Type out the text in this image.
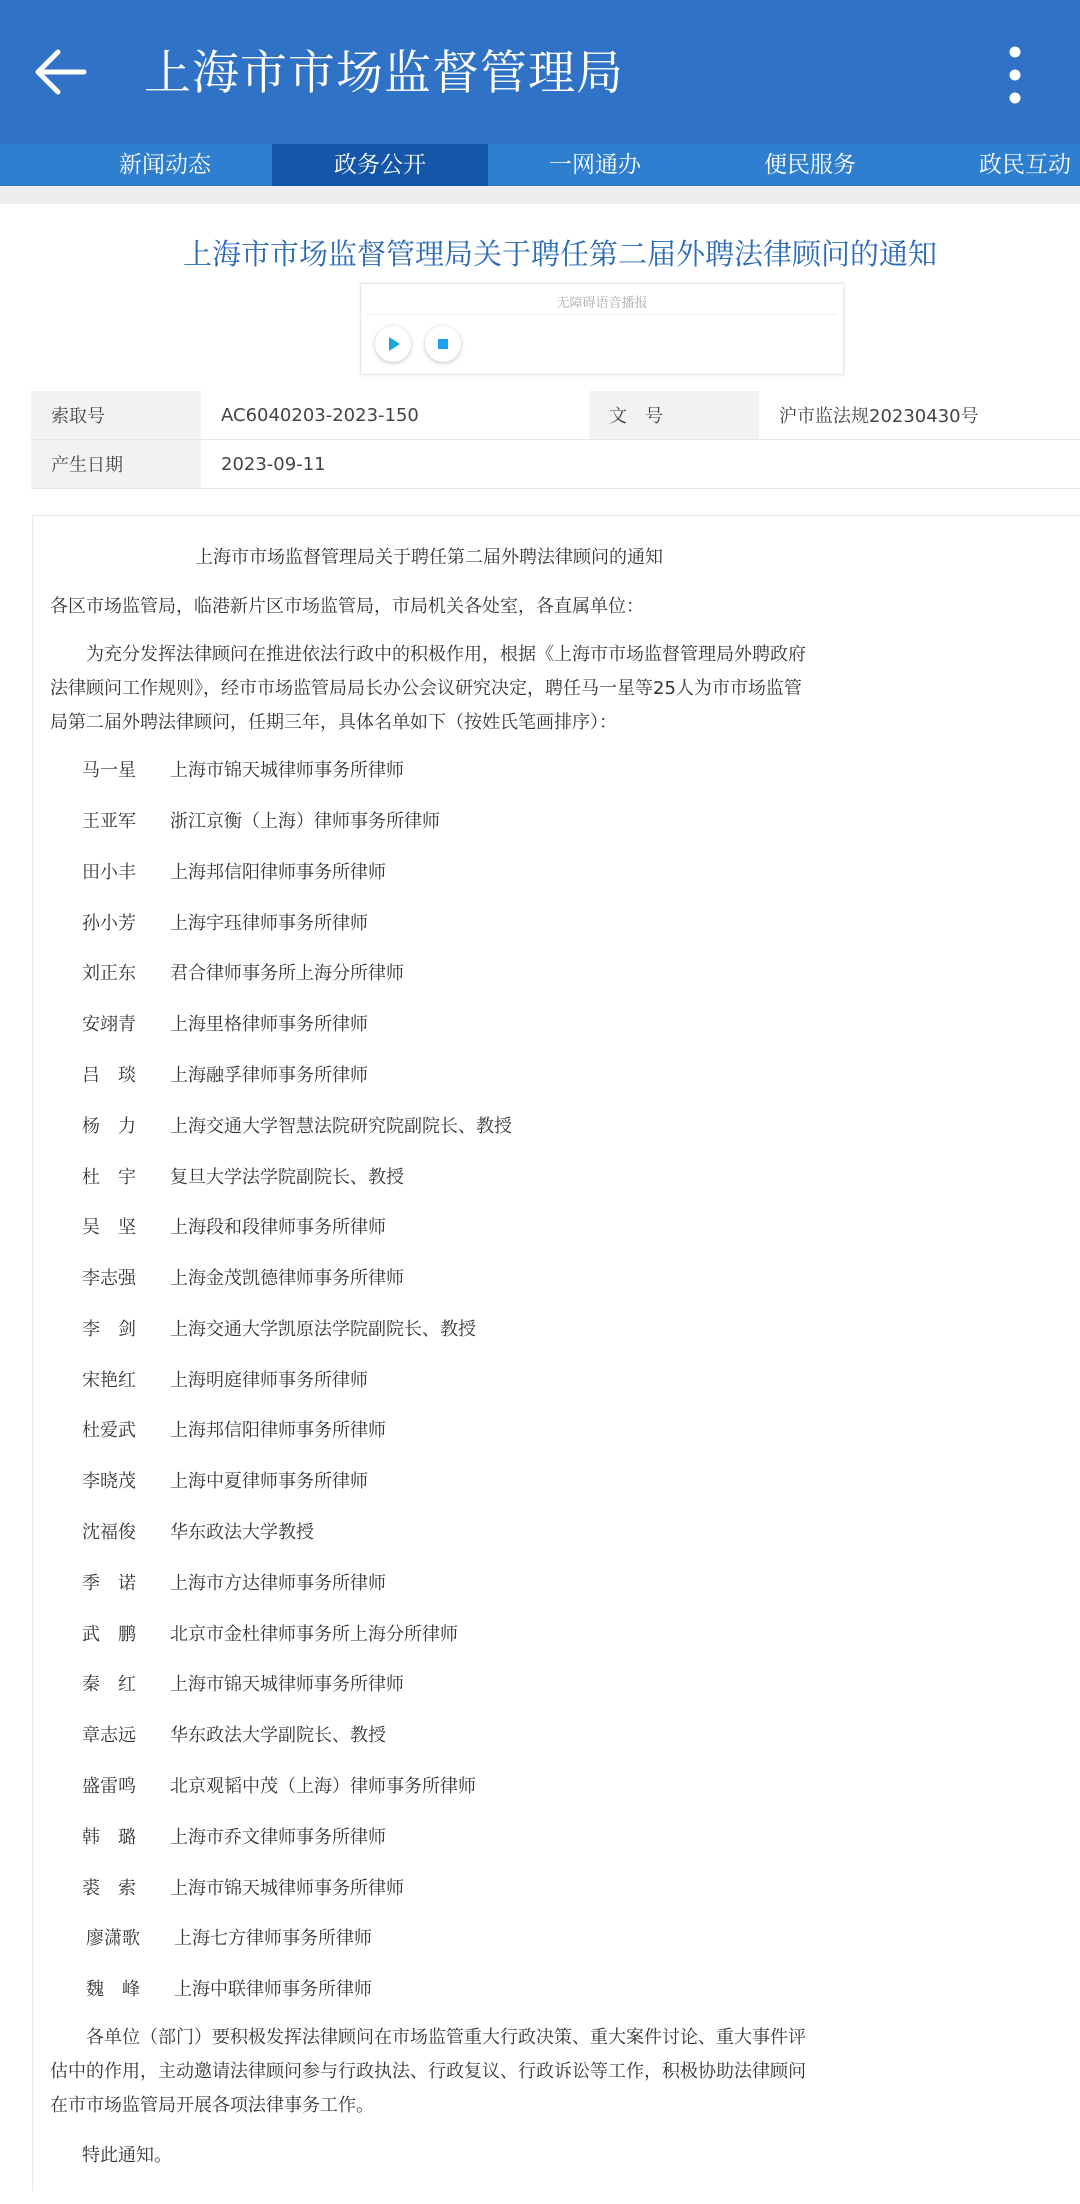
上海市市场监督管理局
新闻动态	政务公开	一网通办	便民服务	政民互动
上海市市场监督管理局关于聘任第二届外聘法律顾问的通知
无障碍语音播报
索取号	AC6040203-2023-150	文　号	沪市监法规20230430号
产生日期	2023-09-11		
上海市市场监督管理局关于聘任第二届外聘法律顾问的通知
各区市场监管局，临港新片区市场监管局，市局机关各处室，各直属单位：

为充分发挥法律顾问在推进依法行政中的积极作用，根据《上海市市场监督管理局外聘政府法律顾问工作规则》，经市市场监管局局长办公会议研究决定，聘任马一星等25人为市市场监管局第二届外聘法律顾问，任期三年，具体名单如下（按姓氏笔画排序）：

马一星 上海市锦天城律师事务所律师
王亚军 浙江京衡（上海）律师事务所律师
田小丰 上海邦信阳律师事务所律师
孙小芳 上海宇珏律师事务所律师
刘正东 君合律师事务所上海分所律师
安翊青 上海里格律师事务所律师
吕　琰 上海融孚律师事务所律师
杨　力 上海交通大学智慧法院研究院副院长、教授
杜　宇 复旦大学法学院副院长、教授
吴　坚 上海段和段律师事务所律师
李志强 上海金茂凯德律师事务所律师
李　剑 上海交通大学凯原法学院副院长、教授
宋艳红 上海明庭律师事务所律师
杜爱武 上海邦信阳律师事务所律师
李晓茂 上海中夏律师事务所律师
沈福俊 华东政法大学教授
季　诺 上海市方达律师事务所律师
武　鹏 北京市金杜律师事务所上海分所律师
秦　红 上海市锦天城律师事务所律师
章志远 华东政法大学副院长、教授
盛雷鸣 北京观韬中茂（上海）律师事务所律师
韩　璐 上海市乔文律师事务所律师
裘　索 上海市锦天城律师事务所律师
廖潇歌 上海七方律师事务所律师
魏　峰 上海中联律师事务所律师

各单位（部门）要积极发挥法律顾问在市场监管重大行政决策、重大案件讨论、重大事件评估中的作用，主动邀请法律顾问参与行政执法、行政复议、行政诉讼等工作，积极协助法律顾问在市市场监管局开展各项法律事务工作。

特此通知。
